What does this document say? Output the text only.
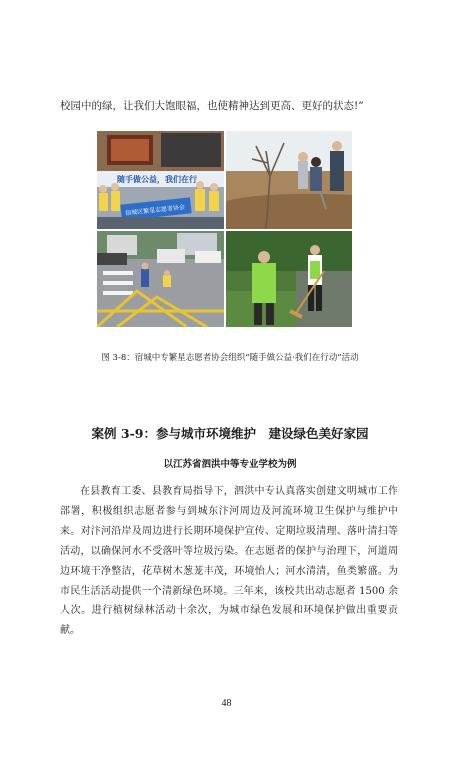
校园中的绿，让我们大饱眼福，也使精神达到更高、更好的状态!”
随手做公益，我们在行
宿城区繁星志愿者协会
图 3-8：宿城中专繁星志愿者协会组织“随手做公益·我们在行动”活动
案例 3-9：参与城市环境维护　建设绿色美好家园
以江苏省泗洪中等专业学校为例

在县教育工委、县教育局指导下，泗洪中专认真落实创建文明城市工作部署，积极组织志愿者参与到城东汴河周边及河流环境卫生保护与维护中来。对汴河沿岸及周边进行长期环境保护宣传、定期垃圾清理、落叶清扫等活动，以确保河水不受落叶等垃圾污染。在志愿者的保护与治理下，河道周边环境干净整洁，花草树木葱茏丰茂，环境怡人；河水清清，鱼类繁盛。为市民生活活动提供一个清新绿色环境。三年来，该校共出动志愿者 1500 余人次。进行植树绿林活动十余次，为城市绿色发展和环境保护做出重要贡献。

48
